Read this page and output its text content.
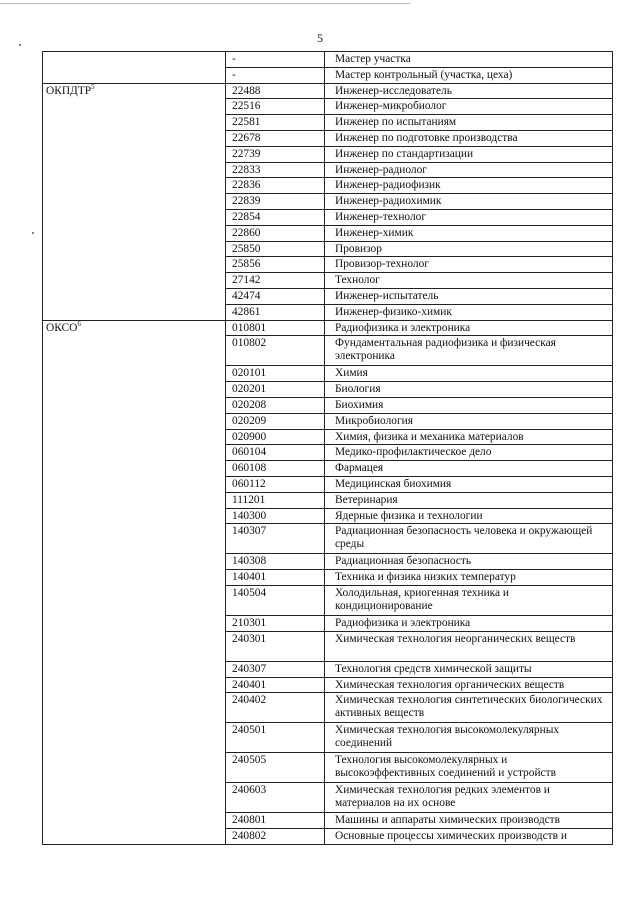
5
	-	Мастер участка
	-	Мастер контрольный (участка, цеха)
ОКПДТР$^5$	22488	Инженер-исследователь
	22516	Инженер-микробиолог
	22581	Инженер по испытаниям
	22678	Инженер по подготовке производства
	22739	Инженер по стандартизации
	22833	Инженер-радиолог
	22836	Инженер-радиофизик
	22839	Инженер-радиохимик
	22854	Инженер-технолог
	22860	Инженер-химик
	25850	Провизор
	25856	Провизор-технолог
	27142	Технолог
	42474	Инженер-испытатель
	42861	Инженер-физико-химик
ОКСО$^6$	010801	Радиофизика и электроника
	010802	Фундаментальная радиофизика и физическая электроника
	020101	Химия
	020201	Биология
	020208	Биохимия
	020209	Микробиология
	020900	Химия, физика и механика материалов
	060104	Медико-профилактическое дело
	060108	Фармацея
	060112	Медицинская биохимия
	111201	Ветеринария
	140300	Ядерные физика и технологии
	140307	Радиационная безопасность человека и окружающей среды
	140308	Радиационная безопасность
	140401	Техника и физика низких температур
	140504	Холодильная, криогенная техника и кондиционирование
	210301	Радиофизика и электроника
	240301	Химическая технология неорганических веществ
	240307	Технология средств химической защиты
	240401	Химическая технология органических веществ
	240402	Химическая технология синтетических биологических активных веществ
	240501	Химическая технология высокомолекулярных соединений
	240505	Технология высокомолекулярных и высокоэффективных соединений и устройств
	240603	Химическая технология редких элементов и материалов на их основе
	240801	Машины и аппараты химических производств
	240802	Основные процессы химических производств и
